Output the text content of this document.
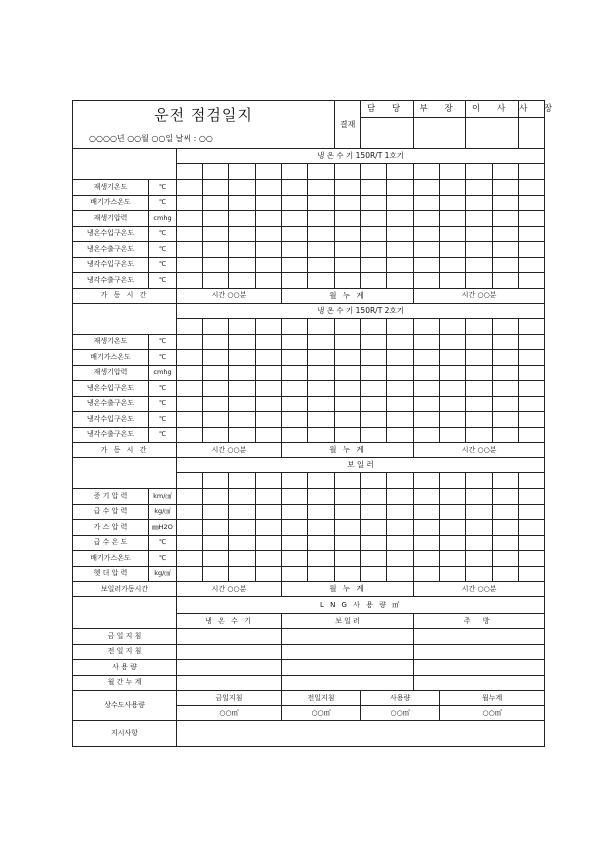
운전 점검일지								결재	담 당		부 장		이 사		사 장

○○○○년 ○○월 ○○일 날씨 : ○○															
		냉 온 수 기 150R/T 1호기													

재생기온도	℃														
배기가스온도	℃														
재생기압력	cmhg														
냉온수입구온도	℃														
냉온수출구온도	℃														
냉각수입구온도	℃														
냉각수출구온도	℃														
가 동 시 간		시간 ○○분				월 누 계					시간 ○○분				
		냉 온 수 기 150R/T 2호기													

재생기온도	℃														
배기가스온도	℃														
재생기압력	cmhg														
냉온수입구온도	℃														
냉온수출구온도	℃														
냉각수입구온도	℃														
냉각수출구온도	℃														
가 동 시 간		시간 ○○분				월 누 계					시간 ○○분				
		보 일 러													

증 기 압 력	km/㎠														
급 수 압 력	kg/㎠														
가 스 압 력	㎜H2O														
급 수 온 도	℃														
배기가스온도	℃														
헷 더 압 력	kg/㎠														
보일러가동시간		시간 ○○분				월 누 계					시간 ○○분				
		L N G 사 용 량 ㎥													
		냉 온 수 기				보 일 러					주 방				
금 일 지 침															
전 일 지 침															
사 용 량															
월 간 누 계															
상수도사용량		금일지침				전일지침			사용량			월누계			
		○○㎥				○○㎥			○○㎥			○○㎥			
지시사항															
